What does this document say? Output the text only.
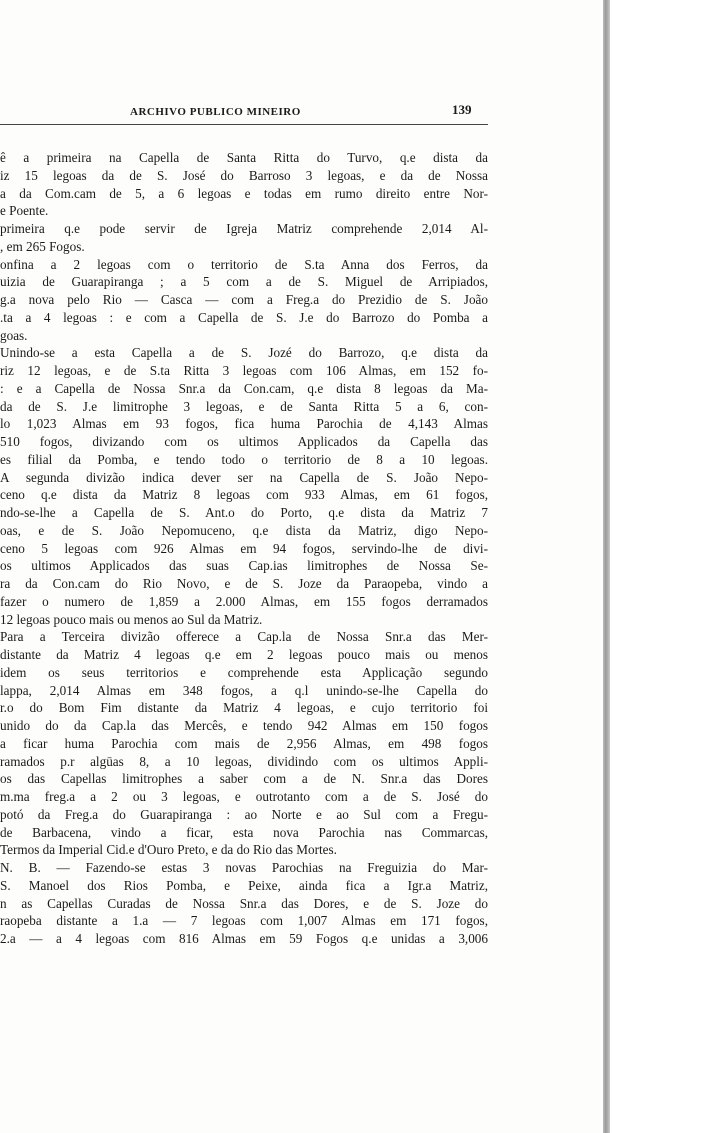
ARCHIVO PUBLICO MINEIRO	139
ê a primeira na Capella de Santa Ritta do Turvo, q.e dista da
iz 15 legoas da de S. José do Barroso 3 legoas, e da de Nossa
a da Com.cam de 5, a 6 legoas e todas em rumo direito entre Nor-
e Poente.
primeira q.e pode servir de Igreja Matriz comprehende 2,014 Al-
, em 265 Fogos.
onfina a 2 legoas com o territorio de S.ta Anna dos Ferros, da
uizia de Guarapiranga ; a 5 com a de S. Miguel de Arripiados,
g.a nova pelo Rio — Casca — com a Freg.a do Prezidio de S. João
.ta a 4 legoas : e com a Capella de S. J.e do Barrozo do Pomba a
goas.
Unindo-se a esta Capella a de S. Jozé do Barrozo, q.e dista da
riz 12 legoas, e de S.ta Ritta 3 legoas com 106 Almas, em 152 fo-
: e a Capella de Nossa Snr.a da Con.cam, q.e dista 8 legoas da Ma-
da de S. J.e limitrophe 3 legoas, e de Santa Ritta 5 a 6, con-
lo 1,023 Almas em 93 fogos, fica huma Parochia de 4,143 Almas
510 fogos, divizando com os ultimos Applicados da Capella das
es filial da Pomba, e tendo todo o territorio de 8 a 10 legoas.
A segunda divizão indica dever ser na Capella de S. João Nepo-
ceno q.e dista da Matriz 8 legoas com 933 Almas, em 61 fogos,
ndo-se-lhe a Capella de S. Ant.o do Porto, q.e dista da Matriz 7
oas, e de S. João Nepomuceno, q.e dista da Matriz, digo Nepo-
ceno 5 legoas com 926 Almas em 94 fogos, servindo-lhe de divi-
os ultimos Applicados das suas Cap.ias limitrophes de Nossa Se-
ra da Con.cam do Rio Novo, e de S. Joze da Paraopeba, vindo a
fazer o numero de 1,859 a 2.000 Almas, em 155 fogos derramados
12 legoas pouco mais ou menos ao Sul da Matriz.
Para a Terceira divizão offerece a Cap.la de Nossa Snr.a das Mer-
distante da Matriz 4 legoas q.e em 2 legoas pouco mais ou menos
idem os seus territorios e comprehende esta Applicação segundo
lappa, 2,014 Almas em 348 fogos, a q.l unindo-se-lhe Capella do
r.o do Bom Fim distante da Matriz 4 legoas, e cujo territorio foi
unido do da Cap.la das Mercês, e tendo 942 Almas em 150 fogos
a ficar huma Parochia com mais de 2,956 Almas, em 498 fogos
ramados p.r algūas 8, a 10 legoas, dividindo com os ultimos Appli-
os das Capellas limitrophes a saber com a de N. Snr.a das Dores
m.ma freg.a a 2 ou 3 legoas, e outrotanto com a de S. José do
potó da Freg.a do Guarapiranga : ao Norte e ao Sul com a Fregu-
de Barbacena, vindo a ficar, esta nova Parochia nas Commarcas,
Termos da Imperial Cid.e d'Ouro Preto, e da do Rio das Mortes.
N. B. — Fazendo-se estas 3 novas Parochias na Freguizia do Mar-
S. Manoel dos Rios Pomba, e Peixe, ainda fica a Igr.a Matriz,
n as Capellas Curadas de Nossa Snr.a das Dores, e de S. Joze do
raopeba distante a 1.a — 7 legoas com 1,007 Almas em 171 fogos,
2.a — a 4 legoas com 816 Almas em 59 Fogos q.e unidas a 3,006
